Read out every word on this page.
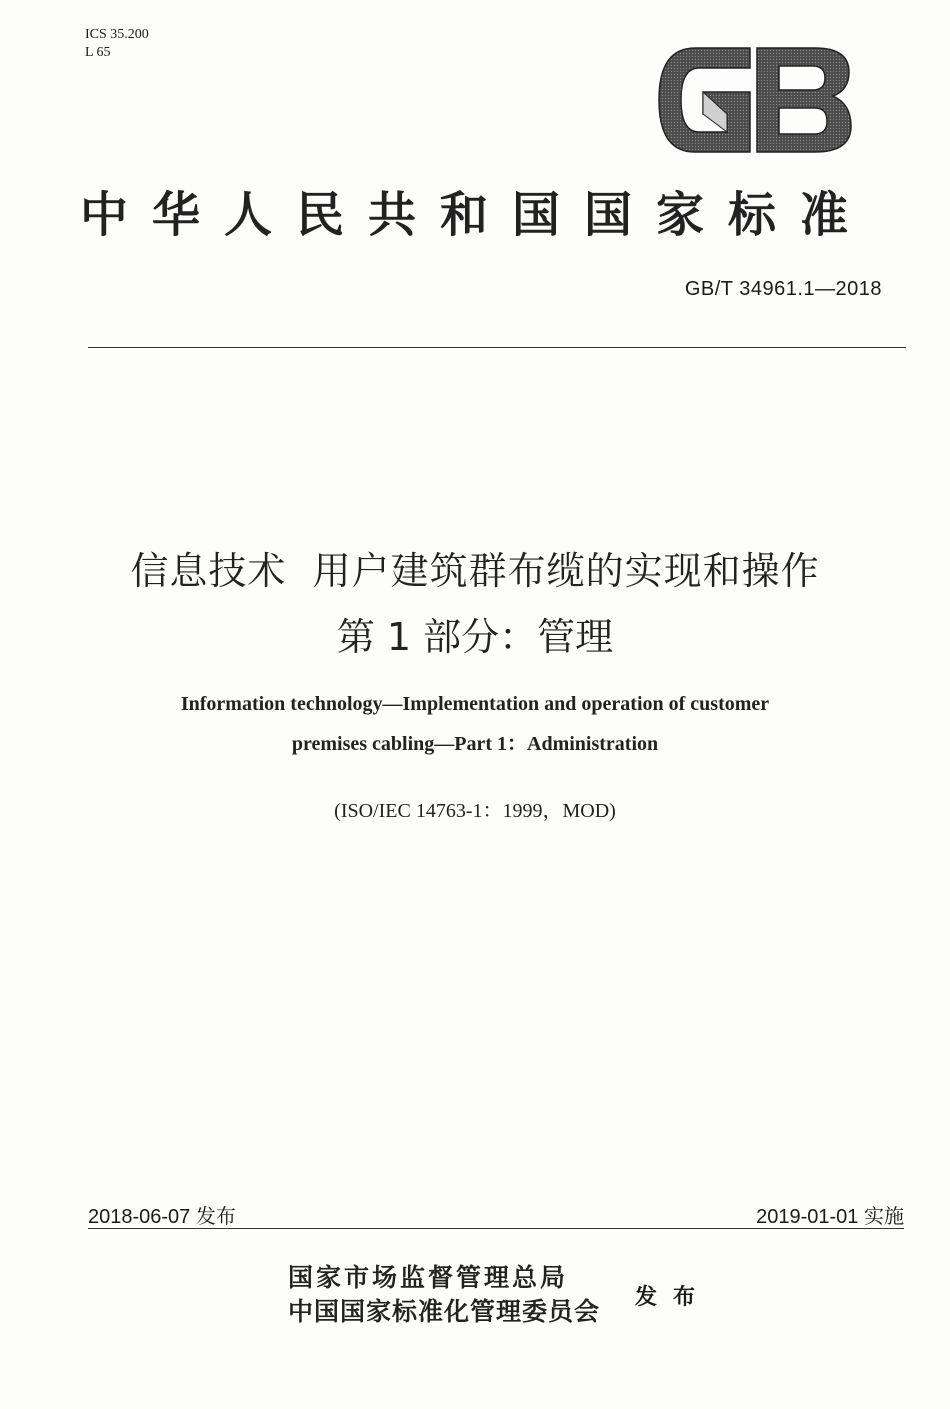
ICS 35.200
L 65
中华人民共和国国家标准
GB/T 34961.1—2018
信息技术  用户建筑群布缆的实现和操作
第 1 部分：管理
Information technology—Implementation and operation of customer
premises cabling—Part 1：Administration
(ISO/IEC 14763-1：1999，MOD)
2018-06-07 发布	2019-01-01 实施
国家市场监督管理总局
中国国家标准化管理委员会 发布
